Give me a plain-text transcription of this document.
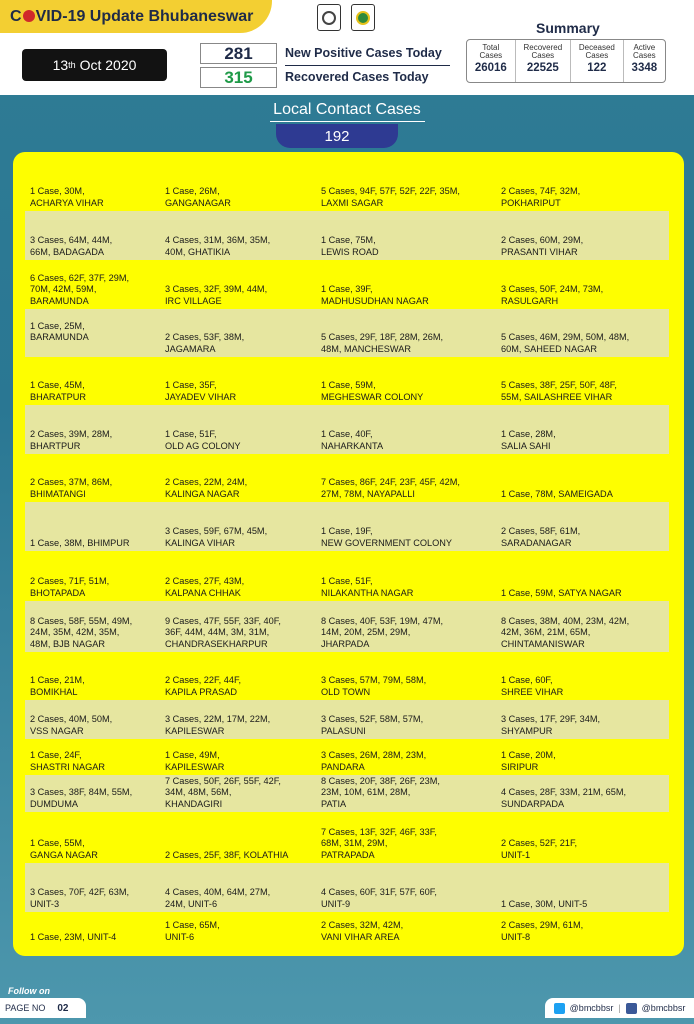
C VID-19 Update Bhubaneswar
13 th Oct 2020
281	New Positive Cases Today
315	Recovered Cases Today
Summary
Total
Cases
26016
Recovered
Cases
22525
Deceased
Cases
122
Active
Cases
3348
Local Contact Cases
192
1 Case, 30M,
ACHARYA VIHAR
1 Case, 26M,
GANGANAGAR
5 Cases, 94F, 57F, 52F, 22F, 35M,
LAXMI SAGAR
2 Cases, 74F, 32M,
POKHARIPUT
3 Cases, 64M, 44M,
66M, BADAGADA
4 Cases, 31M, 36M, 35M,
40M, GHATIKIA
1 Case, 75M,
LEWIS ROAD
2 Cases, 60M, 29M,
PRASANTI VIHAR
6 Cases, 62F, 37F, 29M,
70M, 42M, 59M,
BARAMUNDA
3 Cases, 32F, 39M, 44M,
IRC VILLAGE
1 Case, 39F,
MADHUSUDHAN NAGAR
3 Cases, 50F, 24M, 73M,
RASULGARH
1 Case, 25M,
BARAMUNDA	2 Cases, 53F, 38M,
JAGAMARA
5 Cases, 29F, 18F, 28M, 26M,
48M, MANCHESWAR
5 Cases, 46M, 29M, 50M, 48M,
60M, SAHEED NAGAR
1 Case, 45M,
BHARATPUR
1 Case, 35F,
JAYADEV VIHAR
1 Case, 59M,
MEGHESWAR COLONY
5 Cases, 38F, 25F, 50F, 48F,
55M, SAILASHREE VIHAR
2 Cases, 39M, 28M,
BHARTPUR
1 Case, 51F,
OLD AG COLONY
1 Case, 40F,
NAHARKANTA
1 Case, 28M,
SALIA SAHI
2 Cases, 37M, 86M,
BHIMATANGI
2 Cases, 22M, 24M,
KALINGA NAGAR
7 Cases, 86F, 24F, 23F, 45F, 42M,
27M, 78M, NAYAPALLI	1 Case, 78M, SAMEIGADA
1 Case, 38M, BHIMPUR
3 Cases, 59F, 67M, 45M,
KALINGA VIHAR
1 Case, 19F,
NEW GOVERNMENT COLONY
2 Cases, 58F, 61M,
SARADANAGAR
2 Cases, 71F, 51M,
BHOTAPADA
2 Cases, 27F, 43M,
KALPANA CHHAK
1 Case, 51F,
NILAKANTHA NAGAR	1 Case, 59M, SATYA NAGAR
8 Cases, 58F, 55M, 49M,
24M, 35M, 42M, 35M,
48M, BJB NAGAR
9 Cases, 47F, 55F, 33F, 40F,
36F, 44M, 44M, 3M, 31M,
CHANDRASEKHARPUR
8 Cases, 40F, 53F, 19M, 47M,
14M, 20M, 25M, 29M,
JHARPADA
8 Cases, 38M, 40M, 23M, 42M,
42M, 36M, 21M, 65M,
CHINTAMANISWAR
1 Case, 21M,
BOMIKHAL
2 Cases, 22F, 44F,
KAPILA PRASAD
3 Cases, 57M, 79M, 58M,
OLD TOWN
1 Case, 60F,
SHREE VIHAR
2 Cases, 40M, 50M,
VSS NAGAR
3 Cases, 22M, 17M, 22M,
KAPILESWAR
3 Cases, 52F, 58M, 57M,
PALASUNI
3 Cases, 17F, 29F, 34M,
SHYAMPUR
1 Case, 24F,
SHASTRI NAGAR
1 Case, 49M,
KAPILESWAR
3 Cases, 26M, 28M, 23M,
PANDARA
1 Case, 20M,
SIRIPUR
3 Cases, 38F, 84M, 55M,
DUMDUMA
7 Cases, 50F, 26F, 55F, 42F,
34M, 48M, 56M,
KHANDAGIRI
8 Cases, 20F, 38F, 26F, 23M,
23M, 10M, 61M, 28M,
PATIA
4 Cases, 28F, 33M, 21M, 65M,
SUNDARPADA
1 Case, 55M,
GANGA NAGAR	2 Cases, 25F, 38F, KOLATHIA
7 Cases, 13F, 32F, 46F, 33F,
68M, 31M, 29M,
PATRAPADA
2 Cases, 52F, 21F,
UNIT-1
3 Cases, 70F, 42F, 63M,
UNIT-3
4 Cases, 40M, 64M, 27M,
24M, UNIT-6
4 Cases, 60F, 31F, 57F, 60F,
UNIT-9	1 Case, 30M, UNIT-5
1 Case, 23M, UNIT-4
1 Case, 65M,
UNIT-6
2 Cases, 32M, 42M,
VANI VIHAR AREA
2 Cases, 29M, 61M,
UNIT-8
Follow on
PAGE NO 02	@bmcbbsr | @bmcbbsr
